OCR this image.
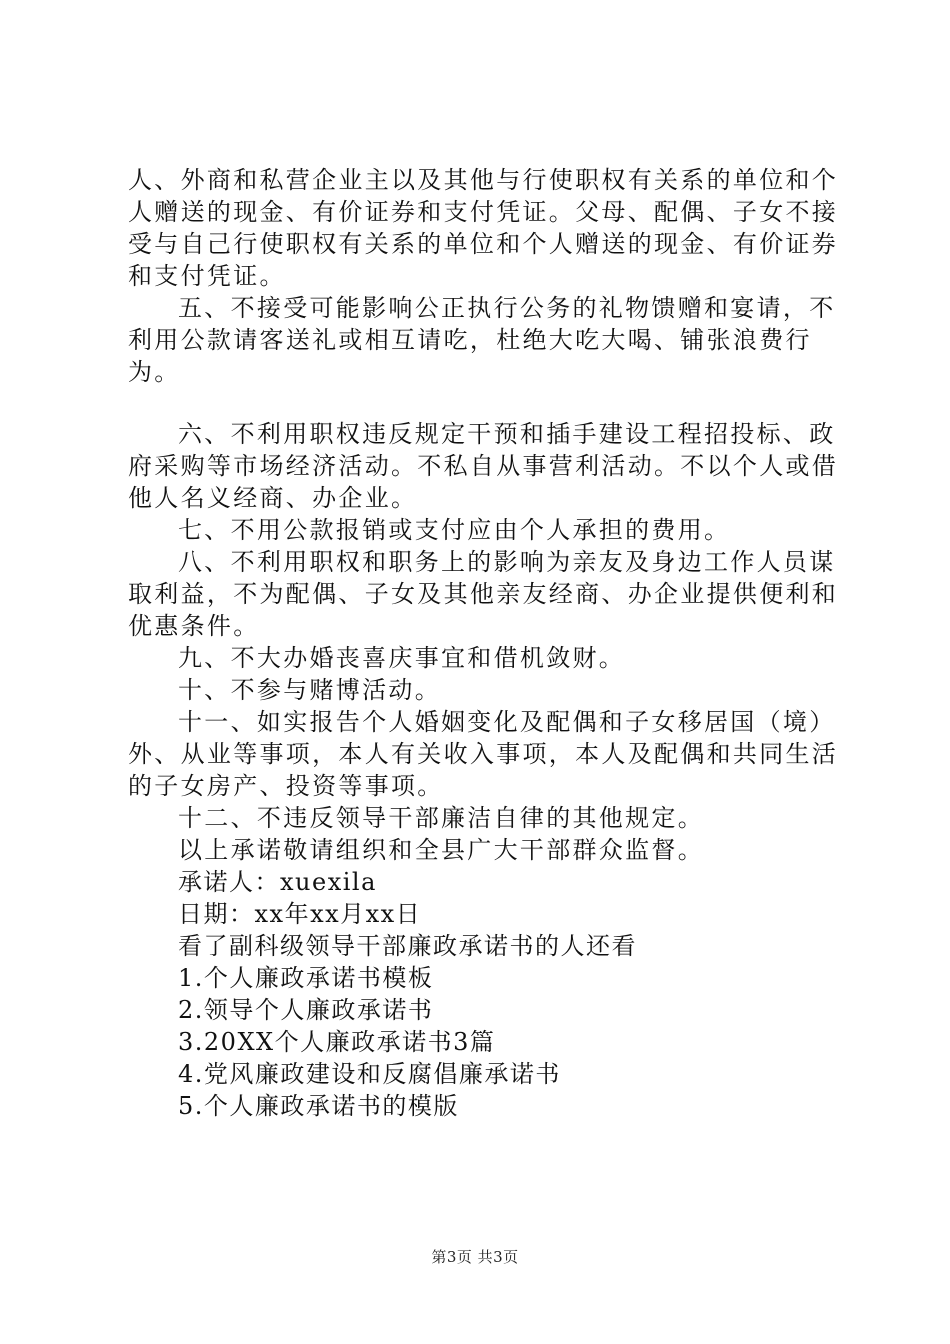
人、外商和私营企业主以及其他与行使职权有关系的单位和个人赠送的现金、有价证券和支付凭证。父母、配偶、子女不接受与自己行使职权有关系的单位和个人赠送的现金、有价证券和支付凭证。

五、不接受可能影响公正执行公务的礼物馈赠和宴请，不利用公款请客送礼或相互请吃，杜绝大吃大喝、铺张浪费行为。

六、不利用职权违反规定干预和插手建设工程招投标、政府采购等市场经济活动。不私自从事营利活动。不以个人或借他人名义经商、办企业。

七、不用公款报销或支付应由个人承担的费用。

八、不利用职权和职务上的影响为亲友及身边工作人员谋取利益，不为配偶、子女及其他亲友经商、办企业提供便利和优惠条件。

九、不大办婚丧喜庆事宜和借机敛财。

十、不参与赌博活动。

十一、如实报告个人婚姻变化及配偶和子女移居国（境）外、从业等事项，本人有关收入事项，本人及配偶和共同生活的子女房产、投资等事项。

十二、不违反领导干部廉洁自律的其他规定。

以上承诺敬请组织和全县广大干部群众监督。

承诺人：xuexila

日期：xx年xx月xx日

看了副科级领导干部廉政承诺书的人还看

1.个人廉政承诺书模板

2.领导个人廉政承诺书

3.20XX个人廉政承诺书3篇

4.党风廉政建设和反腐倡廉承诺书

5.个人廉政承诺书的模版

第3页 共3页
